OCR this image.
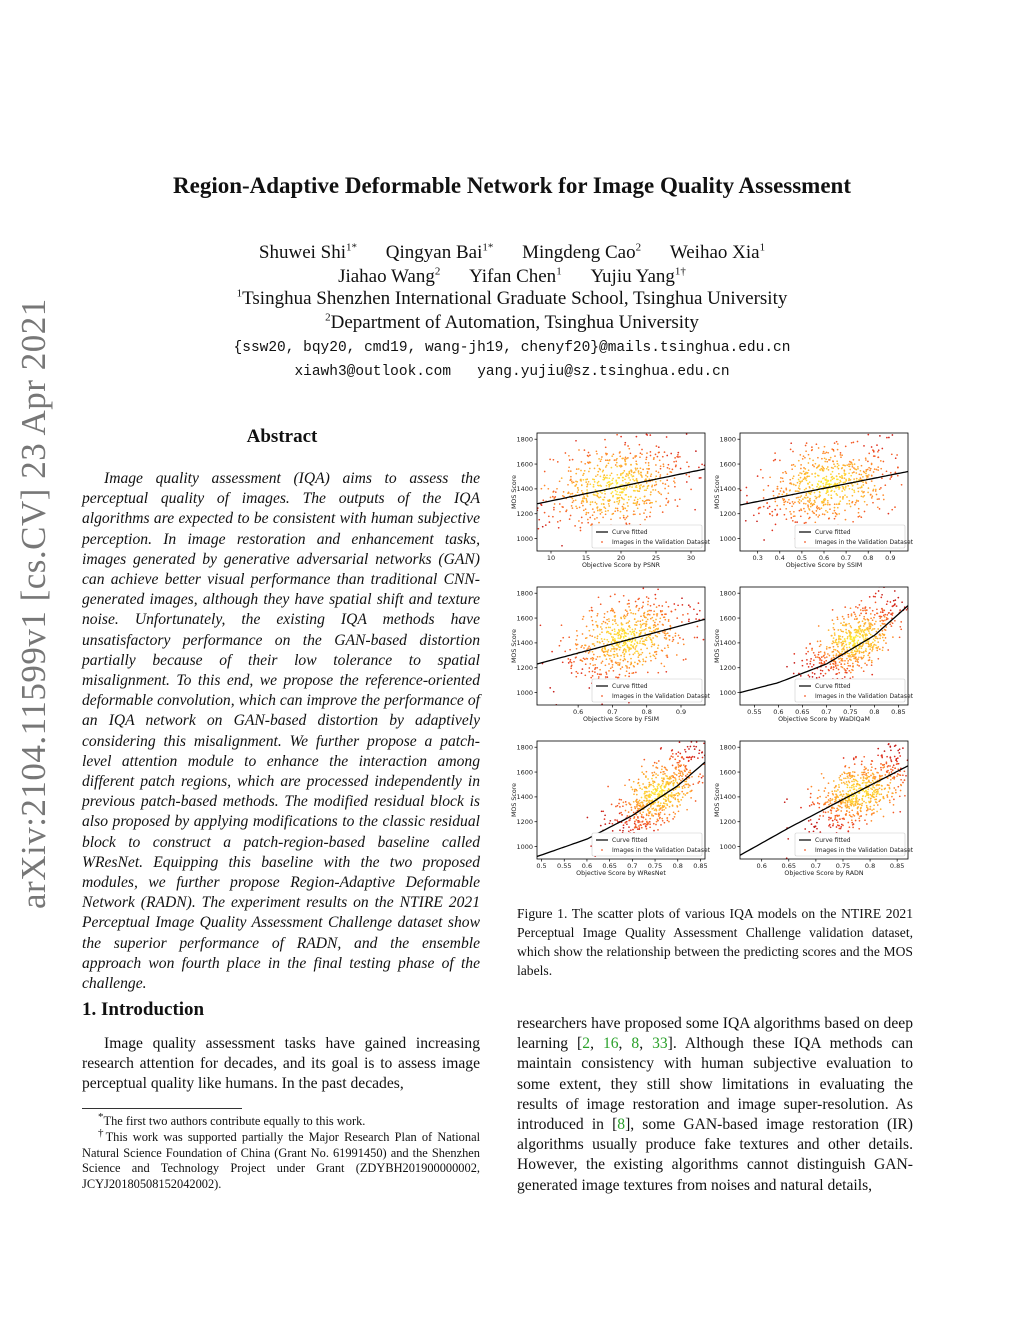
arXiv:2104.11599v1 [cs.CV] 23 Apr 2021
Region-Adaptive Deformable Network for Image Quality Assessment
Shuwei Shi$^{1*}$ Qingyan Bai$^{1*}$ Mingdeng Cao$^2$ Weihao Xia$^1$
Jiahao Wang$^2$ Yifan Chen$^1$ Yujiu Yang$^{1\dagger}$
$^1$Tsinghua Shenzhen International Graduate School, Tsinghua University
$^2$Department of Automation, Tsinghua University
{ssw20, bqy20, cmd19, wang-jh19, chenyf20}@mails.tsinghua.edu.cn
xiawh3@outlook.com yang.yujiu@sz.tsinghua.edu.cn
Abstract
Image quality assessment (IQA) aims to assess the perceptual quality of images. The outputs of the IQA algorithms are expected to be consistent with human subjective perception. In image restoration and enhancement tasks, images generated by generative adversarial networks (GAN) can achieve better visual performance than traditional CNN-generated images, although they have spatial shift and texture noise. Unfortunately, the existing IQA methods have unsatisfactory performance on the GAN-based distortion partially because of their low tolerance to spatial misalignment. To this end, we propose the reference-oriented deformable convolution, which can improve the performance of an IQA network on GAN-based distortion by adaptively considering this misalignment. We further propose a patch-level attention module to enhance the interaction among different patch regions, which are processed independently in previous patch-based methods. The modified residual block is also proposed by applying modifications to the classic residual block to construct a patch-region-based baseline called WResNet. Equipping this baseline with the two proposed modules, we further propose Region-Adaptive Deformable Network (RADN). The experiment results on the NTIRE 2021 Perceptual Image Quality Assessment Challenge dataset show the superior performance of RADN, and the ensemble approach won fourth place in the final testing phase of the challenge.
1. Introduction
Image quality assessment tasks have gained increasing research attention for decades, and its goal is to assess image perceptual quality like humans. In the past decades,
*The first two authors contribute equally to this work.
†This work was supported partially the Major Research Plan of National Natural Science Foundation of China (Grant No. 61991450) and the Shenzhen Science and Technology Project under Grant (ZDYBH201900000002, JCYJ20180508152042002).
1000
1200
1400
1600
1800
10	15	20	25	30
Objective Score by PSNR
MOS Score
Curve fitted
Images in the Validation Dataset 1000
1200
1400
1600
1800
0.3 0.4 0.5 0.6 0.7 0.8 0.9
Objective Score by SSIM
MOS Score
Curve fitted
Images in the Validation Dataset
1000
1200
1400
1600
1800
0.6	0.7	0.8	0.9
Objective Score by FSIM
MOS Score
Curve fitted
Images in the Validation Dataset 1000
1200
1400
1600
1800
0.55 0.6 0.65 0.7 0.75 0.8 0.85
Objective Score by WaDIQaM
MOS Score
Curve fitted
Images in the Validation Dataset
1000
1200
1400
1600
1800
0.5 0.55 0.6 0.65 0.7 0.75 0.8 0.85
Objective Score by WResNet
MOS Score
Curve fitted
Images in the Validation Dataset 1000
1200
1400
1600
1800
0.6 0.65 0.7 0.75 0.8 0.85
Objective Score by RADN
MOS Score
Curve fitted
Images in the Validation Dataset
Figure 1. The scatter plots of various IQA models on the NTIRE 2021 Perceptual Image Quality Assessment Challenge validation dataset, which show the relationship between the predicting scores and the MOS labels.
researchers have proposed some IQA algorithms based on deep learning [2, 16, 8, 33]. Although these IQA methods can maintain consistency with human subjective evaluation to some extent, they still show limitations in evaluating the results of image restoration and image super-resolution. As introduced in [8], some GAN-based image restoration (IR) algorithms usually produce fake textures and other details. However, the existing algorithms cannot distinguish GAN-generated image textures from noises and natural details,
